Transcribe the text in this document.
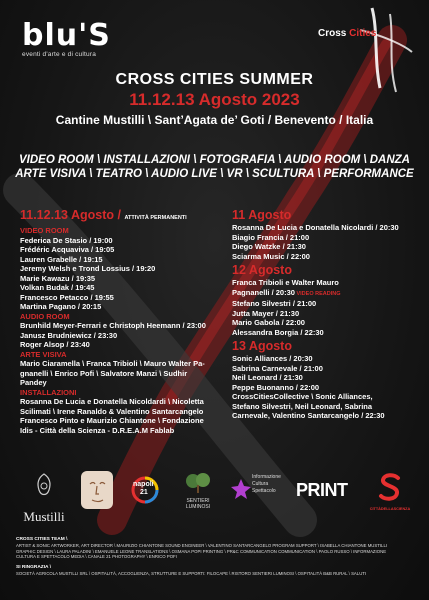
blu'S
eventi d'arte e di cultura
Cross Cities
CROSS CITIES SUMMER
11.12.13 Agosto 2023
Cantine Mustilli \ Sant’Agata de’ Goti / Benevento / Italia
VIDEO ROOM \ INSTALLAZIONI \ FOTOGRAFIA \ AUDIO ROOM \ DANZA
ARTE VISIVA \ TEATRO \ AUDIO LIVE \ VR \ SCULTURA \ PERFORMANCE
11.12.13 Agosto / ATTIVITÀ PERMANENTI
VIDEO ROOM
Federica De Stasio / 19:00
Frédéric Acquaviva / 19:05
Lauren Grabelle / 19:15
Jeremy Welsh e Trond Lossius / 19:20
Marie Kawazu / 19:35
Volkan Budak / 19:45
Francesco Petacco / 19:55
Martina Pagano / 20:15
AUDIO ROOM
Brunhild Meyer-Ferrari e Christoph Heemann / 23:00
Janusz Brudniewicz / 23:30
Roger Alsop / 23:40
ARTE VISIVA
Mario Ciaramella \ Franca Tribioli \ Mauro Walter Pa-
gnanelli \ Enrico Pofi \ Salvatore Manzi \ Sudhir
Pandey
INSTALLAZIONI
Rosanna De Lucia e Donatella Nicoldardi \ Nicoletta
Scilimati \ Irene Ranaldo & Valentino Santarcangelo
Francesco Pinto e Maurizio Chiantone \ Fondazione
Idis - Città della Scienza - D.R.E.A.M Fablab
11 Agosto
Rosanna De Lucia e Donatella Nicolardi / 20:30
Biagio Francia / 21:00
Diego Watzke / 21:30
Sciarma Music / 22:00
12 Agosto
Franca Tribioli e Walter Mauro
Pagnanelli / 20:30 VIDEO READING
Stefano Silvestri / 21:00
Jutta Mayer / 21:30
Mario Gabola / 22:00
Alessandra Borgia / 22:30
13 Agosto
Sonic Alliances / 20:30
Sabrina Carnevale / 21:00
Neil Leonard / 21:30
Peppe Buonanno / 22:00
CrossCitiesCollective \ Sonic Alliances,
Stefano Silvestri, Neil Leonard, Sabrina
Carnevale, Valentino Santarcangelo / 22:30
Mustilli
napoli
21
SENTIERI
LUMINOSI
Informazione
Cultura
Spettacolo PRINT
CITTÀDELLASCIENZA
CROSS CITIES TEAM \
ARTIST & SONIC ARTWORKER, ART DIRECTOR \ MAURIZIO CHIANTONE SOUND ENGINEER \ VALENTINO SANTARCANGELO PROGRAM SUPPORT \ ISABELLA CHIANTONE MUSTILLI
GRAPHIC DESIGN \ LAURA PALADINI \ EMANUELE LEONE TRANSLATIONS \ OSMANA POPI PRINTING \ PR&C COMMUNICATION COMMUNICATION \ PAOLO RUSSO \ INFORMAZIONE
CULTURA E SPETTACOLO MEDIA \ CANALE 21 PHOTOGRAPHY \ ENRICO POFI
SI RINGRAZIA \
SOCIETÀ AGRICOLA MUSTILLI SRL \ OSPITALITÀ, ACCOGLIENZA, STRUTTURE E SUPPORTI: FILOCAPE \ RISTORO SENTIERI LUMINOSI \ OSPITALITÀ B&B RURAL \ SALUTI
